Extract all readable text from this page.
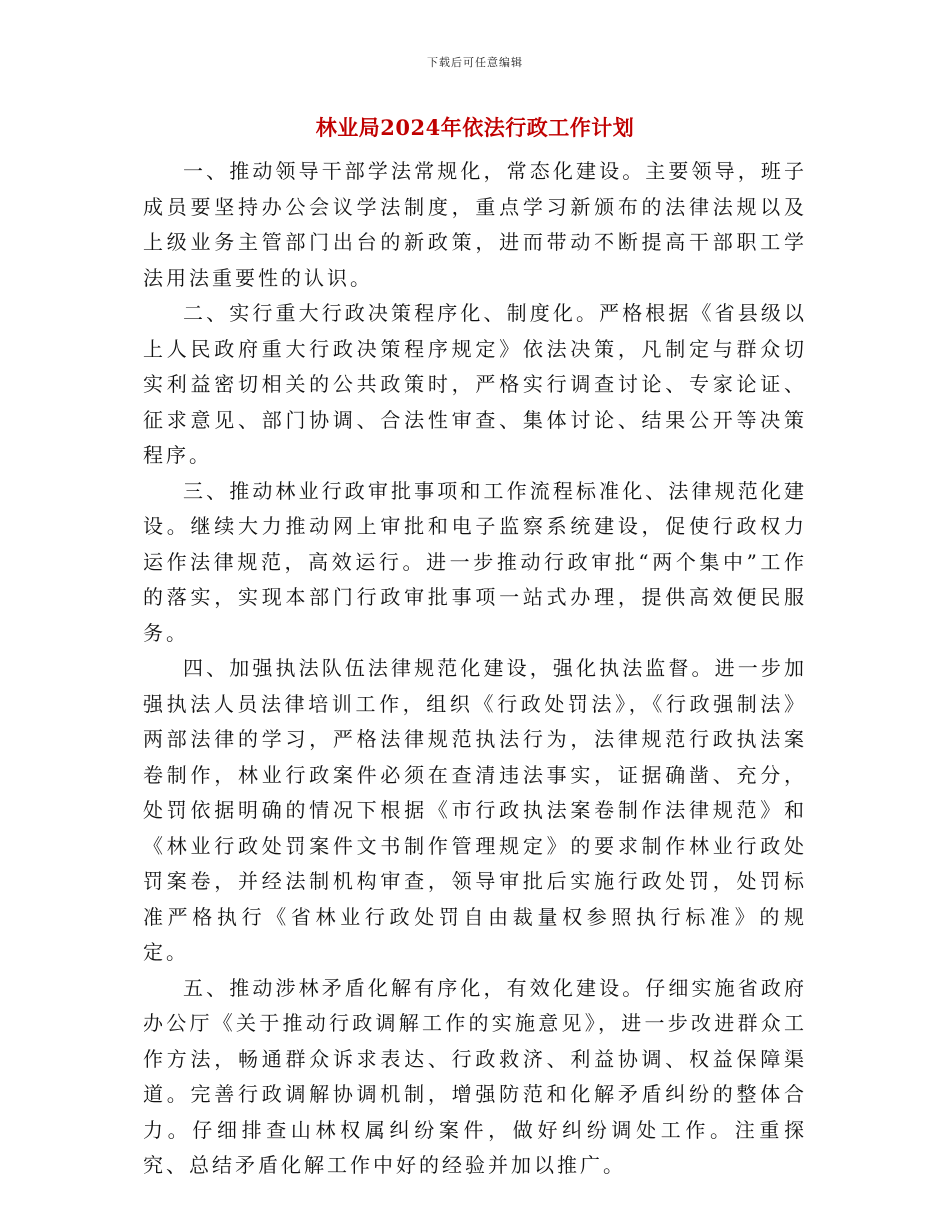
下载后可任意编辑
林业局2024年依法行政工作计划

一、推动领导干部学法常规化，常态化建设。主要领导，班子成员要坚持办公会议学法制度，重点学习新颁布的法律法规以及上级业务主管部门出台的新政策，进而带动不断提高干部职工学法用法重要性的认识。

二、实行重大行政决策程序化、制度化。严格根据《省县级以上人民政府重大行政决策程序规定》依法决策，凡制定与群众切实利益密切相关的公共政策时，严格实行调查讨论、专家论证、征求意见、部门协调、合法性审查、集体讨论、结果公开等决策程序。

三、推动林业行政审批事项和工作流程标准化、法律规范化建设。继续大力推动网上审批和电子监察系统建设，促使行政权力运作法律规范，高效运行。进一步推动行政审批“两个集中”工作的落实，实现本部门行政审批事项一站式办理，提供高效便民服务。

四、加强执法队伍法律规范化建设，强化执法监督。进一步加强执法人员法律培训工作，组织《行政处罚法》，《行政强制法》两部法律的学习，严格法律规范执法行为，法律规范行政执法案卷制作，林业行政案件必须在查清违法事实，证据确凿、充分，处罚依据明确的情况下根据《市行政执法案卷制作法律规范》和《林业行政处罚案件文书制作管理规定》的要求制作林业行政处罚案卷，并经法制机构审查，领导审批后实施行政处罚，处罚标准严格执行《省林业行政处罚自由裁量权参照执行标准》的规定。

五、推动涉林矛盾化解有序化，有效化建设。仔细实施省政府办公厅《关于推动行政调解工作的实施意见》，进一步改进群众工作方法，畅通群众诉求表达、行政救济、利益协调、权益保障渠道。完善行政调解协调机制，增强防范和化解矛盾纠纷的整体合力。仔细排查山林权属纠纷案件，做好纠纷调处工作。注重探究、总结矛盾化解工作中好的经验并加以推广。
